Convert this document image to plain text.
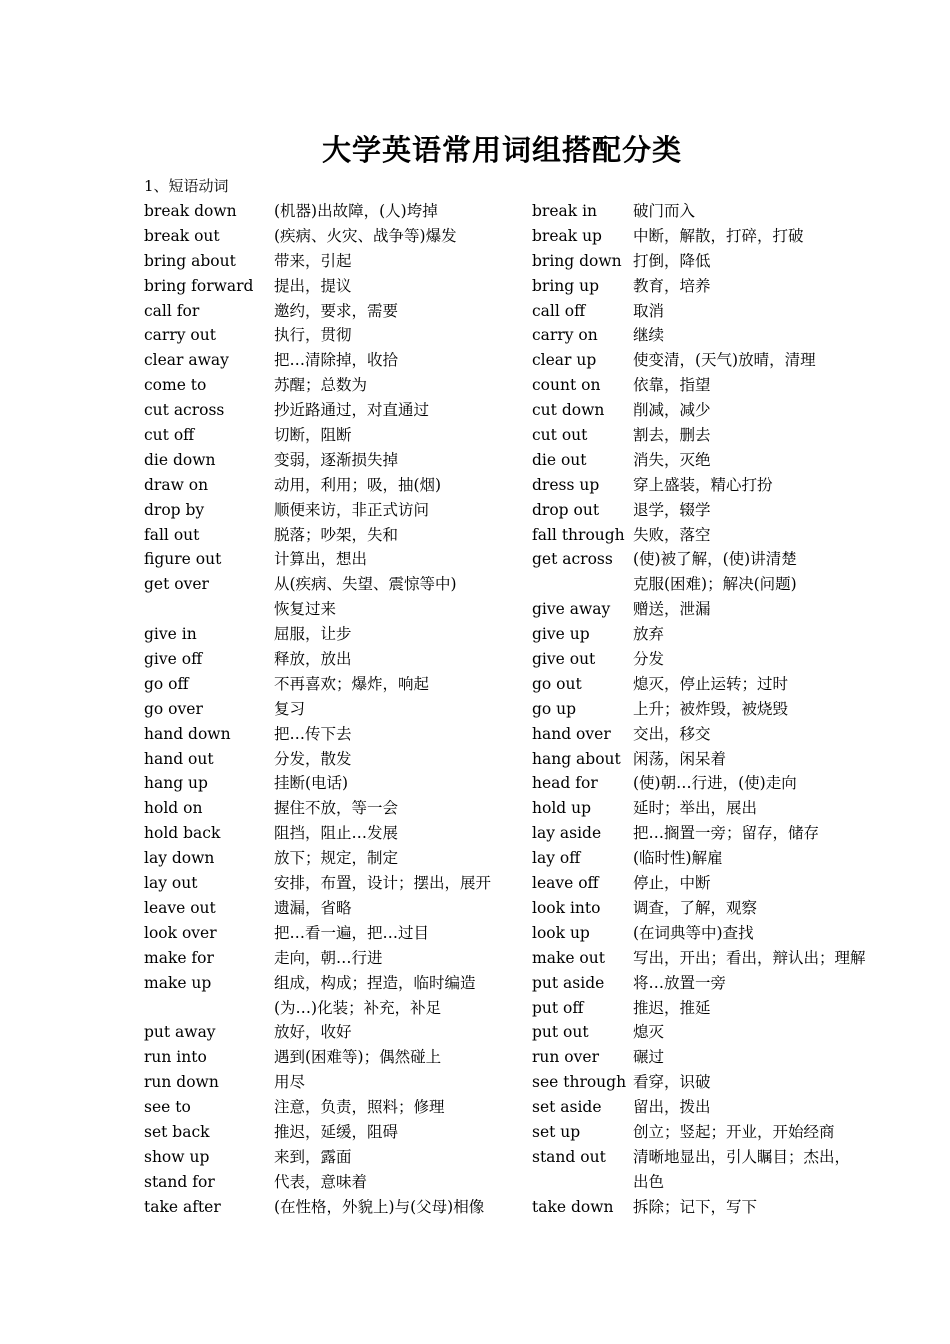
大学英语常用词组搭配分类
1、短语动词
break down (机器)出故障，(人)垮掉	break in 破门而入
break out	(疾病、火灾、战争等)爆发	break up 中断，解散，打碎，打破
bring about 带来，引起	bring down 打倒，降低
bring forward 提出，提议	bring up 教育，培养
call for	邀约，要求，需要	call off	取消
carry out	执行，贯彻	carry on 继续
clear away	把…清除掉，收拾	clear up 使变清，(天气)放晴，清理
come to	苏醒；总数为	count on 依靠，指望
cut across	抄近路通过，对直通过	cut down 削减，减少
cut off	切断，阻断	cut out	割去，删去
die down	变弱，逐渐损失掉	die out	消失，灭绝
draw on	动用，利用；吸，抽(烟)	dress up 穿上盛装，精心打扮
drop by	顺便来访，非正式访问	drop out 退学，辍学
fall out	脱落；吵架，失和	fall through 失败，落空
figure out	计算出，想出	get across (使)被了解，(使)讲清楚
get over	从(疾病、失望、震惊等中)	克服(困难)；解决(问题)
恢复过来	give away 赠送，泄漏
give in	屈服，让步	give up	放弃
give off	释放，放出	give out 分发
go off	不再喜欢；爆炸，响起	go out	熄灭，停止运转；过时
go over	复习	go up	上升；被炸毁，被烧毁
hand down	把…传下去	hand over 交出，移交
hand out	分发，散发	hang about 闲荡，闲呆着
hang up	挂断(电话)	head for (使)朝…行进，(使)走向
hold on	握住不放，等一会	hold up	延时；举出，展出
hold back	阻挡，阻止…发展	lay aside 把…搁置一旁；留存，储存
lay down	放下；规定，制定	lay off	(临时性)解雇
lay out	安排，布置，设计；摆出，展开	leave off 停止，中断
leave out	遗漏，省略	look into 调查，了解，观察
look over	把…看一遍，把…过目	look up	(在词典等中)查找
make for	走向，朝…行进	make out 写出，开出；看出，辩认出；理解
make up	组成，构成；捏造，临时编造	put aside 将…放置一旁
(为…)化装；补充，补足	put off	推迟，推延
put away	放好，收好	put out	熄灭
run into	遇到(困难等)；偶然碰上	run over 碾过
run down	用尽	see through 看穿，识破
see to	注意，负责，照料；修理	set aside 留出，拨出
set back	推迟，延缓，阻碍	set up	创立；竖起；开业，开始经商
show up	来到，露面	stand out 清晰地显出，引人瞩目；杰出，
stand for	代表，意味着	出色
take after	(在性格，外貌上)与(父母)相像	take down 拆除；记下，写下
